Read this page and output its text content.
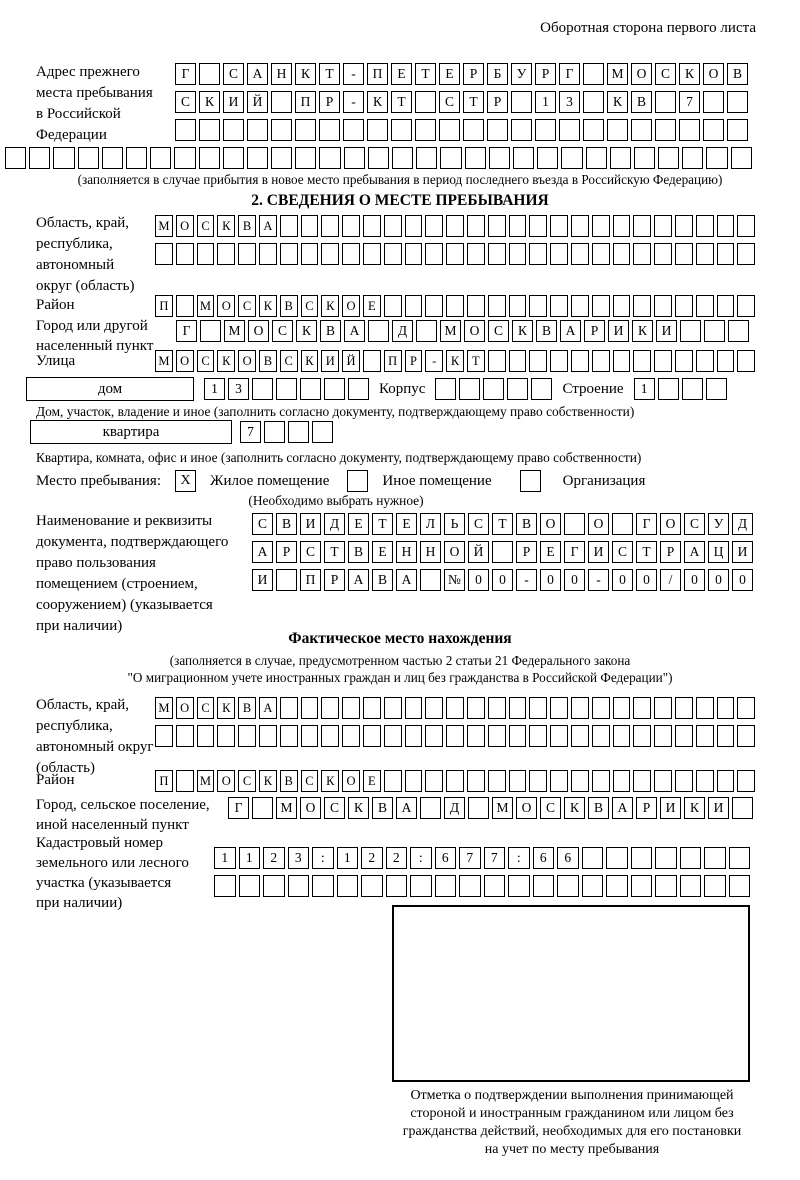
Оборотная сторона первого листа
Адрес прежнего
места пребывания
в Российской
Федерации
Г	С	А	Н	К	Т	-	П	Е	Т	Е	Р	Б	У	Р	Г	М О	С	К	О	В
С	К	И	Й	П	Р	-	К	Т	С	Т	Р	1	3	К	В	7
(заполняется в случае прибытия в новое место пребывания в период последнего въезда в Российскую Федерацию)
2. СВЕДЕНИЯ О МЕСТЕ ПРЕБЫВАНИЯ
Область, край,
республика,
автономный
округ (область)
М О С К В А
Район	П	М О С К В С К О Е
Город или другой
населенный пункт
Г	М О	С	К	В	А	Д	М О	С	К	В	А	Р	И	К	И
Улица	М О С К О В С К И Й	П	Р	-	К	Т
дом	1	3	Корпус	Строение	1
Дом, участок, владение и иное (заполнить согласно документу, подтверждающему право собственности)
квартира	7
Квартира, комната, офис и иное (заполнить согласно документу, подтверждающему право собственности)
Место пребывания:	X	Жилое помещение	Иное помещение	Организация
(Необходимо выбрать нужное)
Наименование и реквизиты
документа, подтверждающего
право пользования
помещением (строением,
сооружением) (указывается
при наличии)
С	В	И	Д	Е	Т	Е	Л	Ь	С	Т	В	О	О	Г	О	С	У	Д
А	Р	С	Т	В	Е	Н	Н	О	Й	Р	Е	Г	И	С	Т	Р	А	Ц	И
И	П	Р	А	В	А	№	0	0	-	0	0	-	0	0	/	0	0	0
Фактическое место нахождения
(заполняется в случае, предусмотренном частью 2 статьи 21 Федерального закона
"О миграционном учете иностранных граждан и лиц без гражданства в Российской Федерации")
Область, край,
республика,
автономный округ
(область)
М О С К В А
Район	П	М О С К В С К О Е
Город, сельское поселение,
иной населенный пункт
Г	М О	С	К	В	А	Д	М О	С	К	В	А	Р	И	К	И
Кадастровый номер
земельного или лесного
участка (указывается
при наличии)
1	1	2	3	:	1	2	2	:	6	7	7	:	6	6
Отметка о подтверждении выполнения принимающей
стороной и иностранным гражданином или лицом без
гражданства действий, необходимых для его постановки
на учет по месту пребывания
